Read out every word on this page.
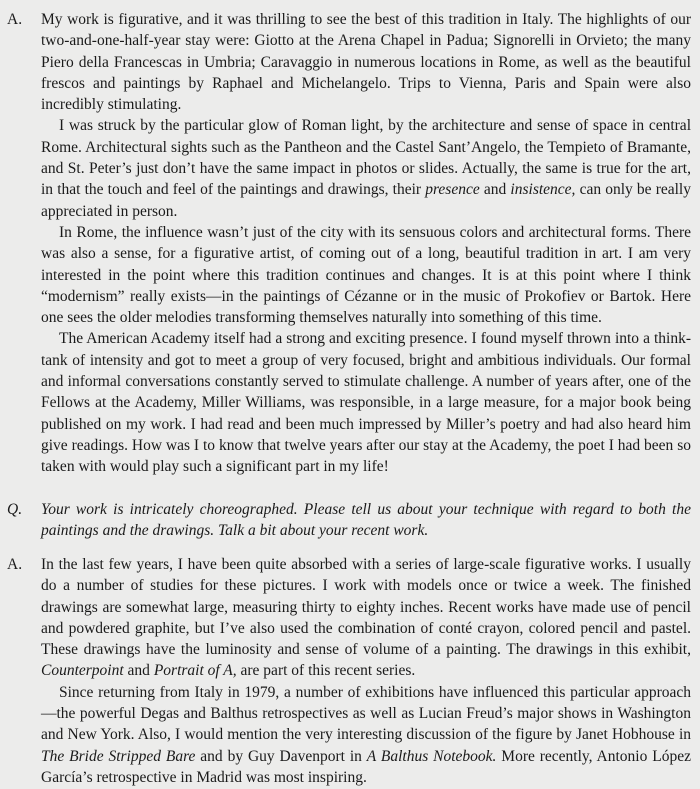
A. My work is figurative, and it was thrilling to see the best of this tradition in Italy. The highlights of our two-and-one-half-year stay were: Giotto at the Arena Chapel in Padua; Signorelli in Orvieto; the many Piero della Francescas in Umbria; Caravaggio in numerous locations in Rome, as well as the beautiful frescos and paintings by Raphael and Michelangelo. Trips to Vienna, Paris and Spain were also incredibly stimulating.

I was struck by the particular glow of Roman light, by the architecture and sense of space in central Rome. Architectural sights such as the Pantheon and the Castel Sant’Angelo, the Tempieto of Bramante, and St. Peter’s just don’t have the same impact in photos or slides. Actually, the same is true for the art, in that the touch and feel of the paintings and drawings, their presence and insistence, can only be really appreciated in person.

In Rome, the influence wasn’t just of the city with its sensuous colors and architectural forms. There was also a sense, for a figurative artist, of coming out of a long, beautiful tradition in art. I am very interested in the point where this tradition continues and changes. It is at this point where I think “modernism” really exists—in the paintings of Cézanne or in the music of Prokofiev or Bartok. Here one sees the older melodies transforming themselves naturally into something of this time.

The American Academy itself had a strong and exciting presence. I found myself thrown into a think-tank of intensity and got to meet a group of very focused, bright and ambitious individuals. Our formal and informal conversations constantly served to stimulate challenge. A number of years after, one of the Fellows at the Academy, Miller Williams, was responsible, in a large measure, for a major book being published on my work. I had read and been much impressed by Miller’s poetry and had also heard him give readings. How was I to know that twelve years after our stay at the Academy, the poet I had been so taken with would play such a significant part in my life!

Q. Your work is intricately choreographed. Please tell us about your technique with regard to both the paintings and the drawings. Talk a bit about your recent work.

A. In the last few years, I have been quite absorbed with a series of large-scale figurative works. I usually do a number of studies for these pictures. I work with models once or twice a week. The finished drawings are somewhat large, measuring thirty to eighty inches. Recent works have made use of pencil and powdered graphite, but I’ve also used the combination of conté crayon, colored pencil and pastel. These drawings have the luminosity and sense of volume of a painting. The drawings in this exhibit, Counterpoint and Portrait of A, are part of this recent series.

Since returning from Italy in 1979, a number of exhibitions have influenced this particular approach—the powerful Degas and Balthus retrospectives as well as Lucian Freud’s major shows in Washington and New York. Also, I would mention the very interesting discussion of the figure by Janet Hobhouse in The Bride Stripped Bare and by Guy Davenport in A Balthus Notebook. More recently, Antonio López García’s retrospective in Madrid was most inspiring.
